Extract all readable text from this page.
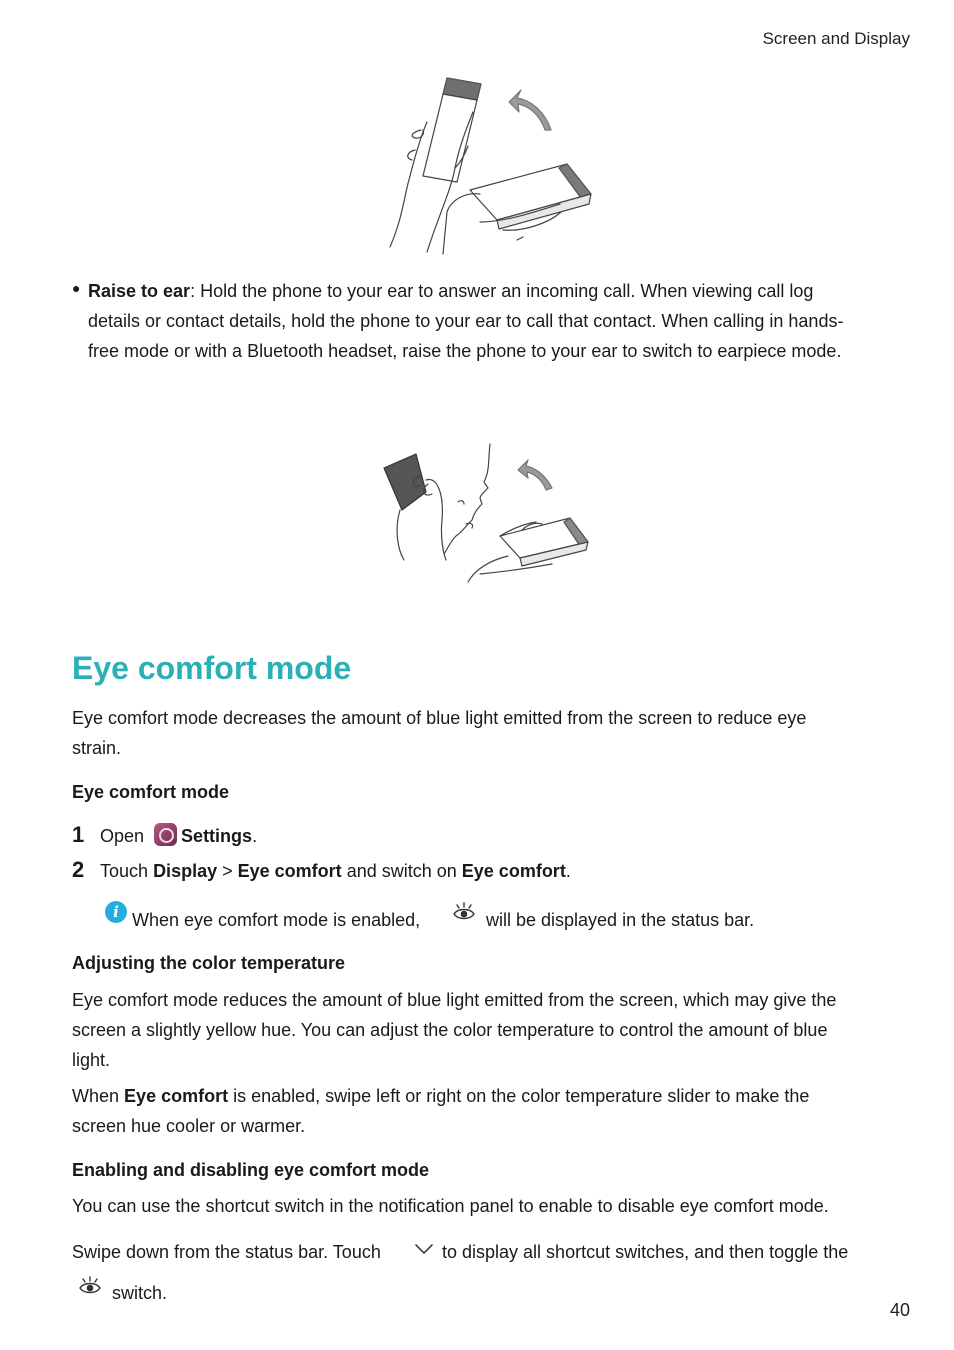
Screen and Display
● Raise to ear: Hold the phone to your ear to answer an incoming call. When viewing call log
details or contact details, hold the phone to your ear to call that contact. When calling in hands-
free mode or with a Bluetooth headset, raise the phone to your ear to switch to earpiece mode.
Eye comfort mode
Eye comfort mode decreases the amount of blue light emitted from the screen to reduce eye
strain.
Eye comfort mode
1 Open Settings.
2 Touch Display > Eye comfort and switch on Eye comfort.
i When eye comfort mode is enabled,	will be displayed in the status bar.
Adjusting the color temperature
Eye comfort mode reduces the amount of blue light emitted from the screen, which may give the
screen a slightly yellow hue. You can adjust the color temperature to control the amount of blue
light.
When Eye comfort is enabled, swipe left or right on the color temperature slider to make the
screen hue cooler or warmer.
Enabling and disabling eye comfort mode
You can use the shortcut switch in the notification panel to enable to disable eye comfort mode.
Swipe down from the status bar. Touch	to display all shortcut switches, and then toggle the
switch.
40
